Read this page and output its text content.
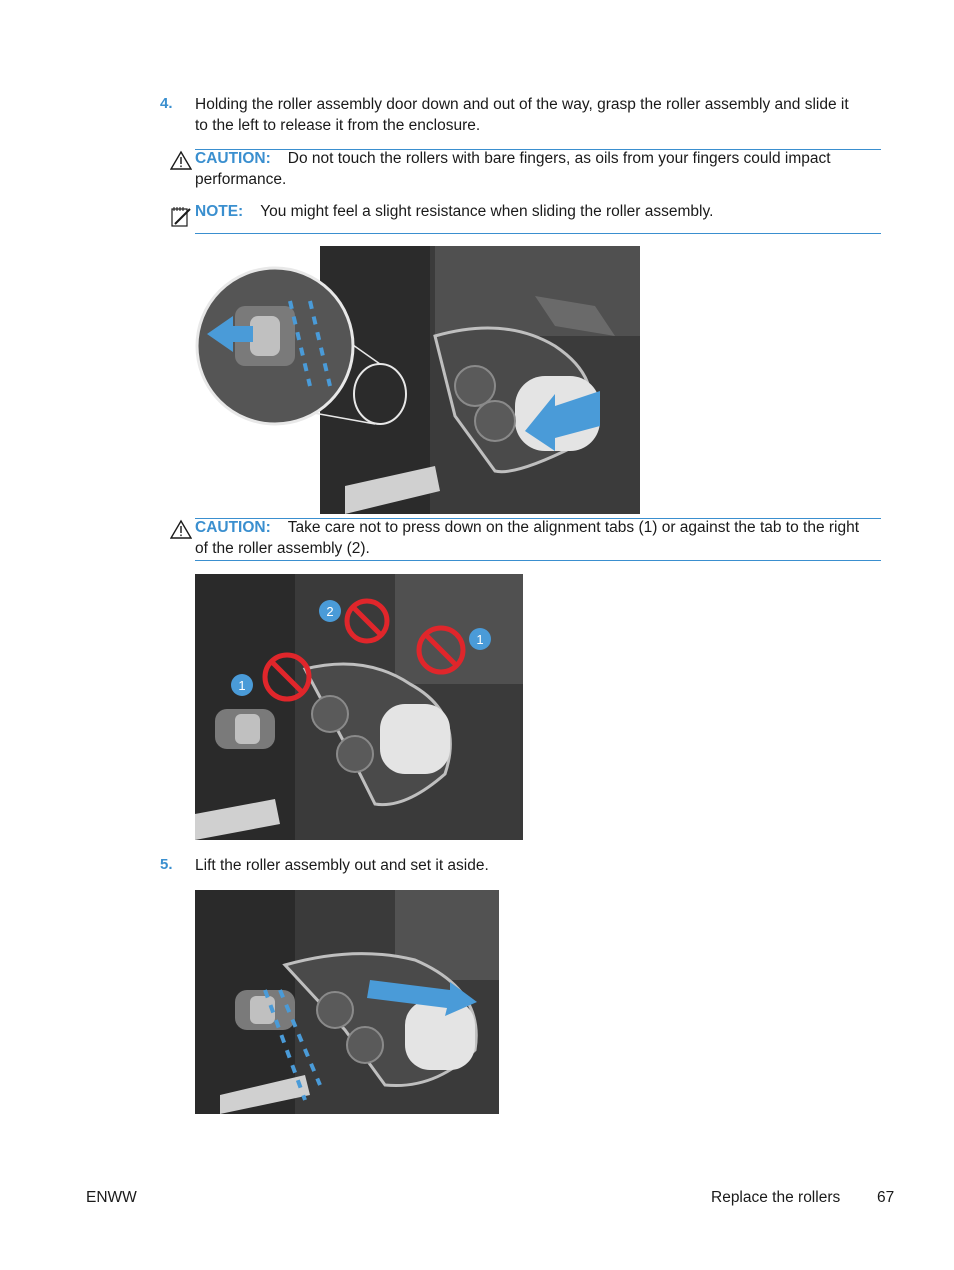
4. Holding the roller assembly door down and out of the way, grasp the roller assembly and slide it
to the left to release it from the enclosure.
CAUTION: Do not touch the rollers with bare fingers, as oils from your fingers could impact
performance.
NOTE: You might feel a slight resistance when sliding the roller assembly.
CAUTION: Take care not to press down on the alignment tabs (1) or against the tab to the right
of the roller assembly (2).
1
2
1
5. Lift the roller assembly out and set it aside.
ENWW	Replace the rollers 67
